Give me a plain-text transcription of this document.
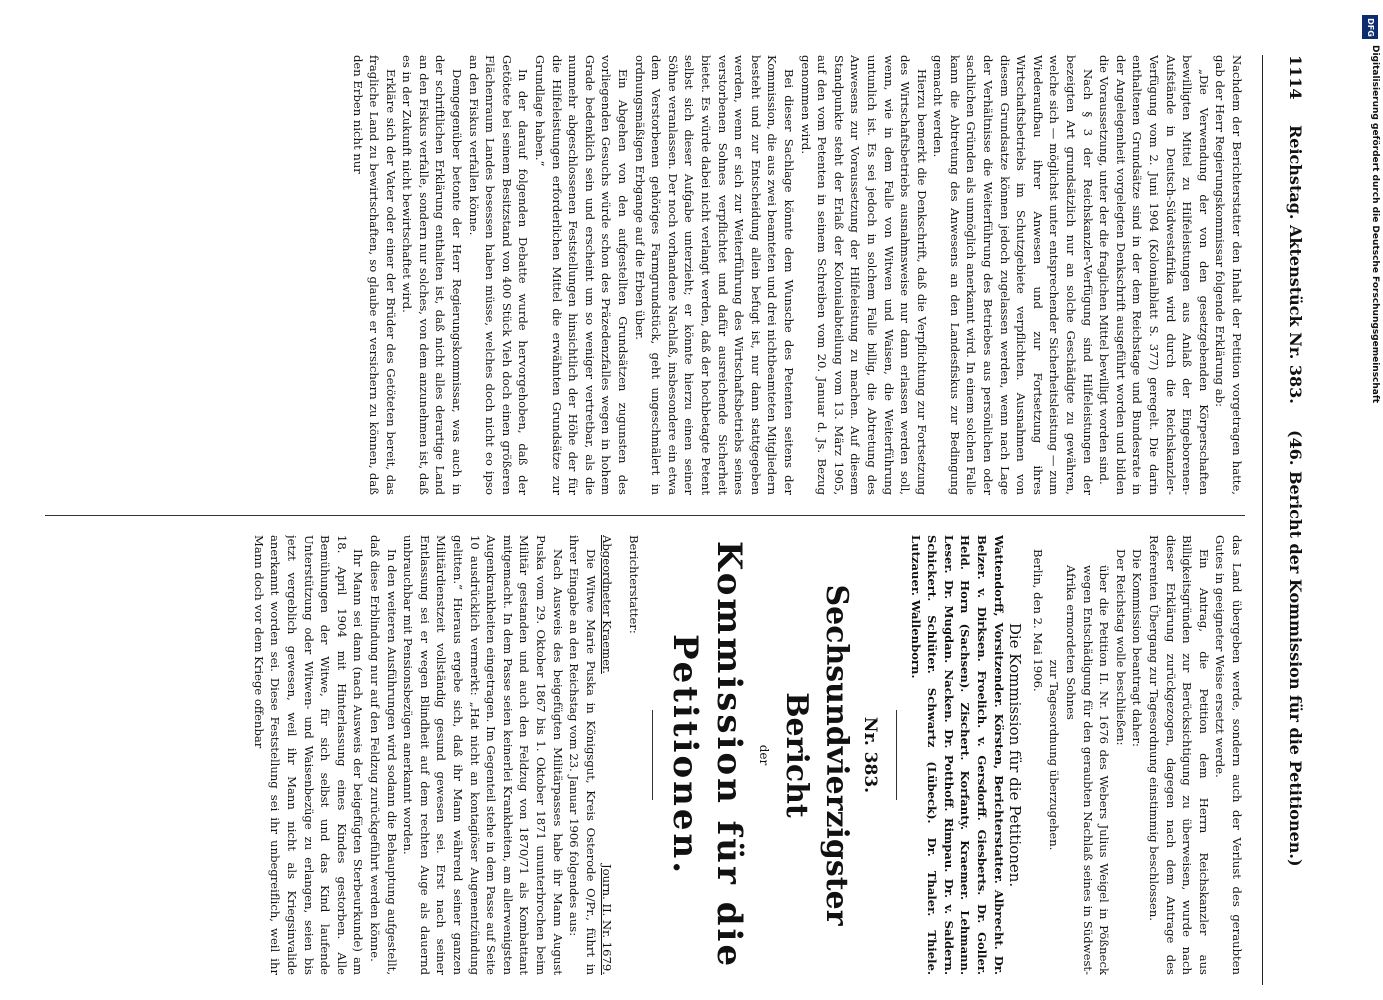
1114
Reichstag.
Aktenstück Nr. 383.
(46. Bericht der Kommission für die Petitionen.)

Nachdem der Berichterstatter den Inhalt der Petition vorgetragen hatte, gab der Herr Regierungskommissar folgende Erklärung ab:

„Die Verwendung der von den gesetzgebenden Körperschaften bewilligten Mittel zu Hilfeleistungen aus Anlaß der Eingeborenen-Aufstände in Deutsch-Südwestafrika wird durch die Reichskanzler-Verfügung vom 2. Juni 1904 (Kolonialblatt S. 377) geregelt. Die darin enthaltenen Grundsätze sind in der dem Reichstage und Bundesrate in der Angelegenheit vorgelegten Denkschrift ausgeführt worden und bilden die Voraussetzung, unter der die fraglichen Mittel bewilligt worden sind.

Nach § 3 der Reichskanzler-Verfügung sind Hilfeleistungen der bezeigten Art grundsätzlich nur an solche Geschädigte zu gewähren, welche sich — möglichst unter entsprechender Sicherheitsleistung — zum Wiederaufbau ihrer Anwesen und zur Fortsetzung ihres Wirtschaftsbetriebs im Schutzgebiete verpflichten. Ausnahmen von diesem Grundsatze können jedoch zugelassen werden, wenn nach Lage der Verhältnisse die Weiterführung des Betriebes aus persönlichen oder sachlichen Gründen als unmöglich anerkannt wird. In einem solchen Falle kann die Abtretung des Anwesens an den Landesfiskus zur Bedingung gemacht werden.

Hierzu bemerkt die Denkschrift, daß die Verpflichtung zur Fortsetzung des Wirtschaftsbetriebs ausnahmsweise nur dann erlassen werden soll, wenn, wie in dem Falle von Witwen und Waisen, die Weiterführung untunlich ist. Es sei jedoch in solchem Falle billig, die Abtretung des Anwesens zur Voraussetzung der Hilfeleistung zu machen. Auf diesem Standpunkte steht der Erlaß der Kolonialabteilung vom 13. März 1905, auf den vom Petenten in seinem Schreiben vom 20. Januar d. Js. Bezug genommen wird.

Bei dieser Sachlage könnte dem Wunsche des Petenten seitens der Kommission, die aus zwei beamteten und drei nichtbeamteten Mitgliedern besteht und zur Entscheidung allein befugt ist, nur dann stattgegeben werden, wenn er sich zur Weiterführung des Wirtschaftsbetriebs seines verstorbenen Sohnes verpflichtet und dafür ausreichende Sicherheit bietet. Es würde dabei nicht verlangt werden, daß der hochbetagte Petent selbst sich dieser Aufgabe unterzieht; er könnte hierzu einen seiner Söhne veranlassen. Der noch vorhandene Nachlaß, insbesondere ein etwa dem Verstorbenen gehöriges Farmgrundstück, geht ungeschmälert in ordnungsmäßigen Erbgange auf die Erben über.

Ein Abgehen von den aufgestellten Grundsätzen zugunsten des vorliegenden Gesuchs würde schon des Präzedenzfalles wegen in hohem Grade bedenklich sein und erscheint um so weniger vertretbar, als die nunmehr abgeschlossenen Feststellungen hinsichtlich der Höhe der für die Hilfeleistungen erforderlichen Mittel die erwähnten Grundsätze zur Grundlage haben.“

In der darauf folgenden Debatte wurde hervorgehoben, daß der Getötete bei seinem Besitzstand von 400 Stück Vieh doch einen größeren Flächenraum Landes besessen haben müsse, welches doch nicht eo ipso an den Fiskus verfallen könne.

Demgegenüber betonte der Herr Regierungskommissar, was auch in der schriftlichen Erklärung enthalten ist, daß nicht alles derartige Land an den Fiskus verfalle, sondern nur solches, von dem anzunehmen ist, daß es in der Zukunft nicht bewirtschaftet wird.

Erkläre sich der Vater oder einer der Brüder des Getöteten bereit, das fragliche Land zu bewirtschaften, so glaube er versichern zu können, daß den Erben nicht nur

das Land übergeben werde, sondern auch der Verlust des geraubten Gutes in geeigneter Weise ersetzt werde.

Ein Antrag, die Petition dem Herrn Reichskanzler aus Billigkeitsgründen zur Berücksichtigung zu überweisen, wurde nach dieser Erklärung zurückgezogen, dagegen nach dem Antrage des Referenten Übergang zur Tagesordnung einstimmig beschlossen.

Die Kommission beantragt daher:

Der Reichstag wolle beschließen:

über die Petition II. Nr. 1676 des Webers Julius Weigel in Pößneck wegen Entschädigung für den geraubten Nachlaß seines in Südwest-Afrika ermordeten Sohnes

zur Tagesordnung überzugehen.

Berlin, den 2. Mai 1906.

Die Kommission für die Petitionen.

Wattendorff, Vorsitzender. Körsten, Berichterstatter. Albrecht. Dr. Belzer. v. Dirksen. Froelich. v. Gersdorff. Giesberts. Dr. Goller. Held. Horn (Sachsen). Zischert. Korfanty. Kraemer. Lehmann. Leser. Dr. Mugdan. Nacken. Dr. Potthoff. Rimpau. Dr. v. Saldern. Schickert. Schlüter. Schwartz (Lübeck). Dr. Thaler. Thiele. Lutzauer. Wallenborn.

Nr. 383.
Sechsundvierzigster Bericht
der
Kommission für die Petitionen.

Berichterstatter:

Abgeordneter Kraemer.
Journ. II. Nr. 1679.

Die Witwe Marie Puska in Königsgut, Kreis Osterode O/Pr., führt in ihrer Eingabe an den Reichstag vom 23. Januar 1906 folgendes aus:

Nach Ausweis des beigefügten Militärpasses habe ihr Mann August Puska vom 29. Oktober 1867 bis 1. Oktober 1871 ununterbrochen beim Militär gestanden und auch den Feldzug von 1870/71 als Kombattant mitgemacht. In dem Passe seien keinerlei Krankheiten, am allerwenigsten Augenkrankheiten eingetragen. Im Gegenteil stehe in dem Passe auf Seite 10 ausdrücklich vermerkt: „Hat nicht an kontagiöser Augenentzündung gelitten.“ Hieraus ergebe sich, daß ihr Mann während seiner ganzen Militärdienstzeit vollständig gesund gewesen sei. Erst nach seiner Entlassung sei er wegen Blindheit auf dem rechten Auge als dauernd unbrauchbar mit Pensionsbezügen anerkannt worden.

In den weiteren Ausführungen wird sodann die Behauptung aufgestellt, daß diese Erblindung nur auf den Feldzug zurückgeführt werden könne.

Ihr Mann sei dann (nach Ausweis der beigefügten Sterbeurkunde) am 18. April 1904 mit Hinterlassung eines Kindes gestorben. Alle Bemühungen der Witwe, für sich selbst und das Kind laufende Unterstützung oder Witwen- und Waisenbezüge zu erlangen, seien bis jetzt vergeblich gewesen, weil ihr Mann nicht als Kriegsinvalide anerkannt worden sei. Diese Feststellung sei ihr unbegreiflich, weil ihr Mann doch vor dem Kriege offenbar

DFG
Digitalisierung gefördert durch die Deutsche Forschungsgemeinschaft
